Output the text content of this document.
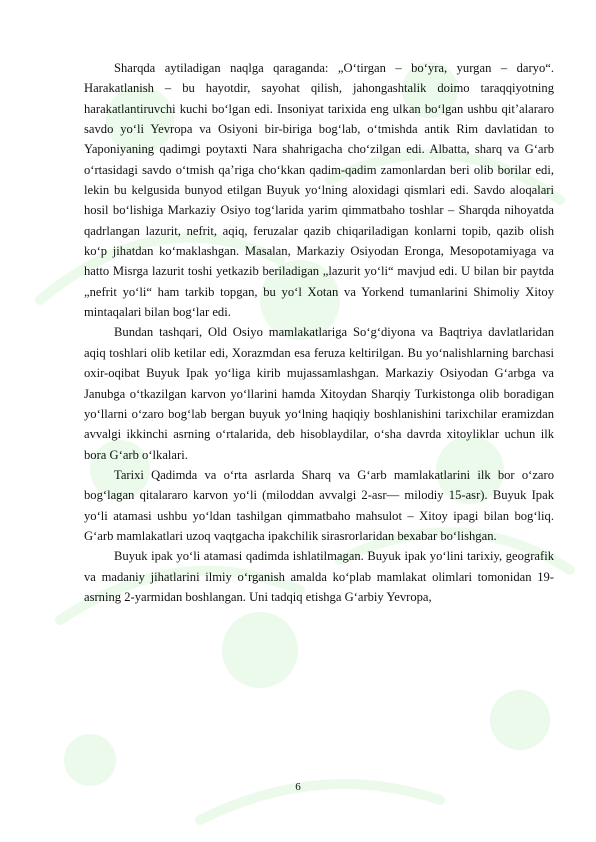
Sharqda aytiladigan naqlga qaraganda: „O‘tirgan – bo‘yra, yurgan – daryo“. Harakatlanish – bu hayotdir, sayohat qilish, jahongashtalik doimo taraqqiyotning harakatlantiruvchi kuchi bo‘lgan edi. Insoniyat tarixida eng ulkan bo‘lgan ushbu qit’alararo savdo yo‘li Yevropa va Osiyoni bir-biriga bog‘lab, o‘tmishda antik Rim davlatidan to Yaponiyaning qadimgi poytaxti Nara shahrigacha cho‘zilgan edi. Albatta, sharq va G‘arb o‘rtasidagi savdo o‘tmish qa’riga cho‘kkan qadim-qadim zamonlardan beri olib borilar edi, lekin bu kelgusida bunyod etilgan Buyuk yo‘lning aloxidagi qismlari edi. Savdo aloqalari hosil bo‘lishiga Markaziy Osiyo tog‘larida yarim qimmatbaho toshlar – Sharqda nihoyatda qadrlangan lazurit, nefrit, aqiq, feruzalar qazib chiqariladigan konlarni topib, qazib olish ko‘p jihatdan ko‘maklashgan. Masalan, Markaziy Osiyodan Eronga, Mesopotamiyaga va hatto Misrga lazurit toshi yetkazib beriladigan „lazurit yo‘li“ mavjud edi. U bilan bir paytda „nefrit yo‘li“ ham tarkib topgan, bu yo‘l Xotan va Yorkend tumanlarini Shimoliy Xitoy mintaqalari bilan bog‘lar edi.

Bundan tashqari, Old Osiyo mamlakatlariga So‘g‘diyona va Baqtriya davlatlaridan aqiq toshlari olib ketilar edi, Xorazmdan esa feruza keltirilgan. Bu yo‘nalishlarning barchasi oxir-oqibat Buyuk Ipak yo‘liga kirib mujassamlashgan. Markaziy Osiyodan G‘arbga va Janubga o‘tkazilgan karvon yo‘llarini hamda Xitoydan Sharqiy Turkistonga olib boradigan yo‘llarni o‘zaro bog‘lab bergan buyuk yo‘lning haqiqiy boshlanishini tarixchilar eramizdan avvalgi ikkinchi asrning o‘rtalarida, deb hisoblaydilar, o‘sha davrda xitoyliklar uchun ilk bora G‘arb o‘lkalari.

Tarixi Qadimda va o‘rta asrlarda Sharq va G‘arb mamlakatlarini ilk bor o‘zaro bog‘lagan qitalararo karvon yo‘li (miloddan avvalgi 2-asr— milodiy 15-asr). Buyuk Ipak yo‘li atamasi ushbu yo‘ldan tashilgan qimmatbaho mahsulot – Xitoy ipagi bilan bog‘liq. G‘arb mamlakatlari uzoq vaqtgacha ipakchilik sirasrorlaridan bexabar bo‘lishgan.

Buyuk ipak yo‘li atamasi qadimda ishlatilmagan. Buyuk ipak yo‘lini tarixiy, geografik va madaniy jihatlarini ilmiy o‘rganish amalda ko‘plab mamlakat olimlari tomonidan 19-asrning 2-yarmidan boshlangan. Uni tadqiq etishga G‘arbiy Yevropa,

6
